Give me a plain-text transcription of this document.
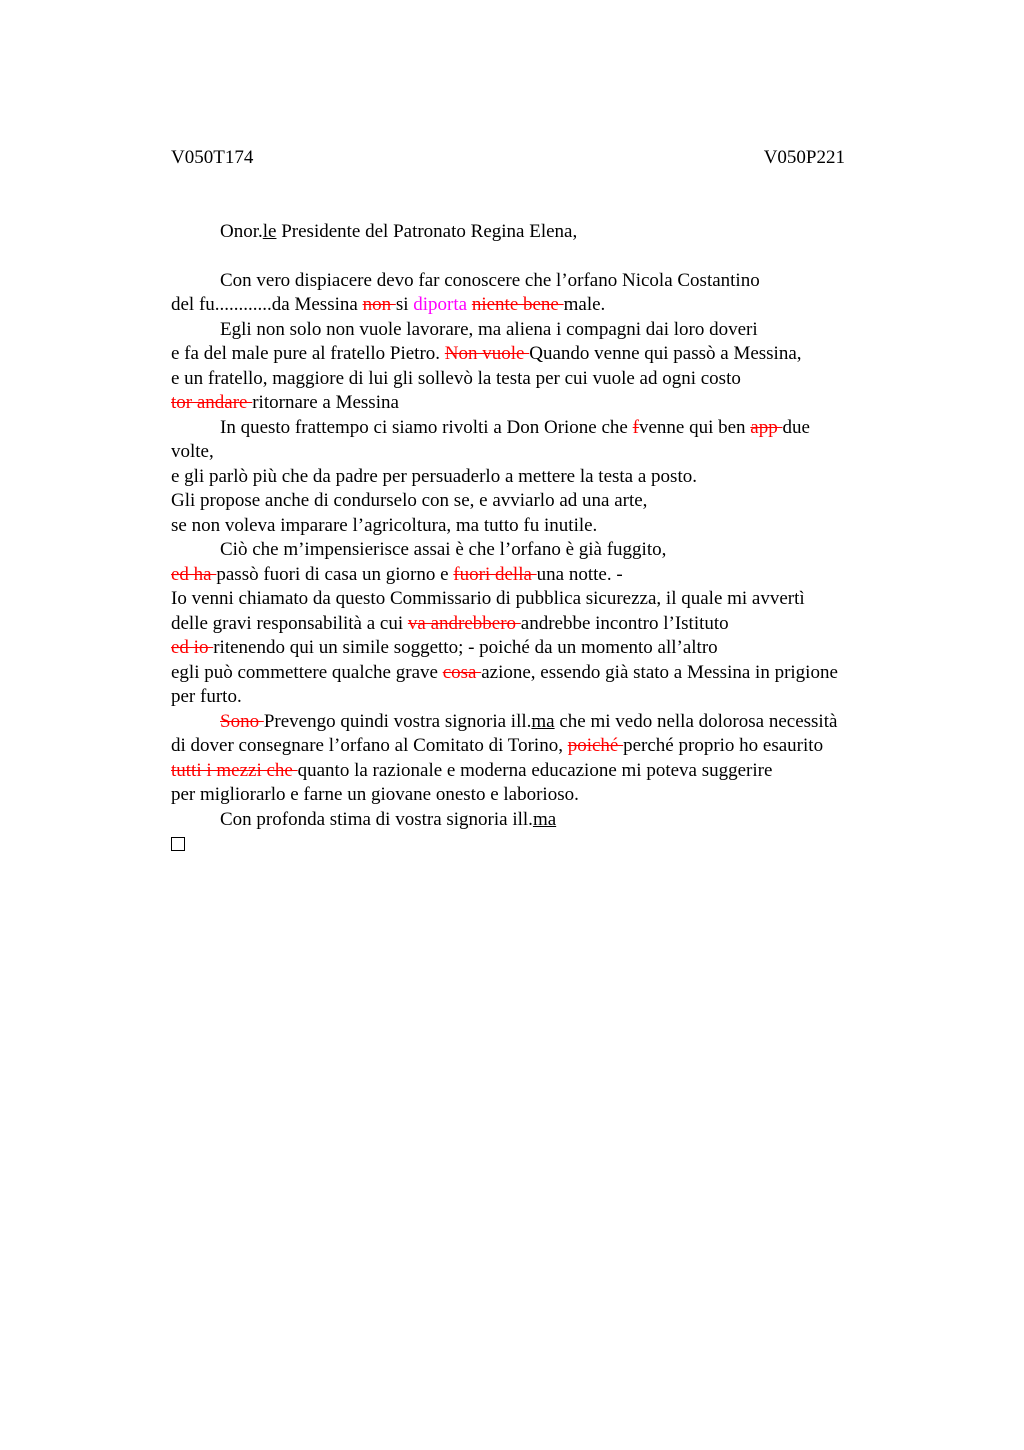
V050T174	V050P221
Onor.le Presidente del Patronato Regina Elena,
Con vero dispiacere devo far conoscere che l’orfano Nicola Costantino
del fu............da Messina non si diporta niente bene male.
Egli non solo non vuole lavorare, ma aliena i compagni dai loro doveri
e fa del male pure al fratello Pietro. Non vuole Quando venne qui passò a Messina,
e un fratello, maggiore di lui gli sollevò la testa per cui vuole ad ogni costo
tor andare ritornare a Messina
In questo frattempo ci siamo rivolti a Don Orione che fvenne qui ben app due
volte,
e gli parlò più che da padre per persuaderlo a mettere la testa a posto.
Gli propose anche di condurselo con se, e avviarlo ad una arte,
se non voleva imparare l’agricoltura, ma tutto fu inutile.
Ciò che m’impensierisce assai è che l’orfano è già fuggito,
ed ha passò fuori di casa un giorno e fuori della una notte. -
Io venni chiamato da questo Commissario di pubblica sicurezza, il quale mi avvertì
delle gravi responsabilità a cui va andrebbero andrebbe incontro l’Istituto
ed io ritenendo qui un simile soggetto; - poiché da un momento all’altro
egli può commettere qualche grave cosa azione, essendo già stato a Messina in prigione
per furto.
Sono Prevengo quindi vostra signoria ill.ma che mi vedo nella dolorosa necessità
di dover consegnare l’orfano al Comitato di Torino, poiché perché proprio ho esaurito
tutti i mezzi che quanto la razionale e moderna educazione mi poteva suggerire
per migliorarlo e farne un giovane onesto e laborioso.
Con profonda stima di vostra signoria ill.ma
